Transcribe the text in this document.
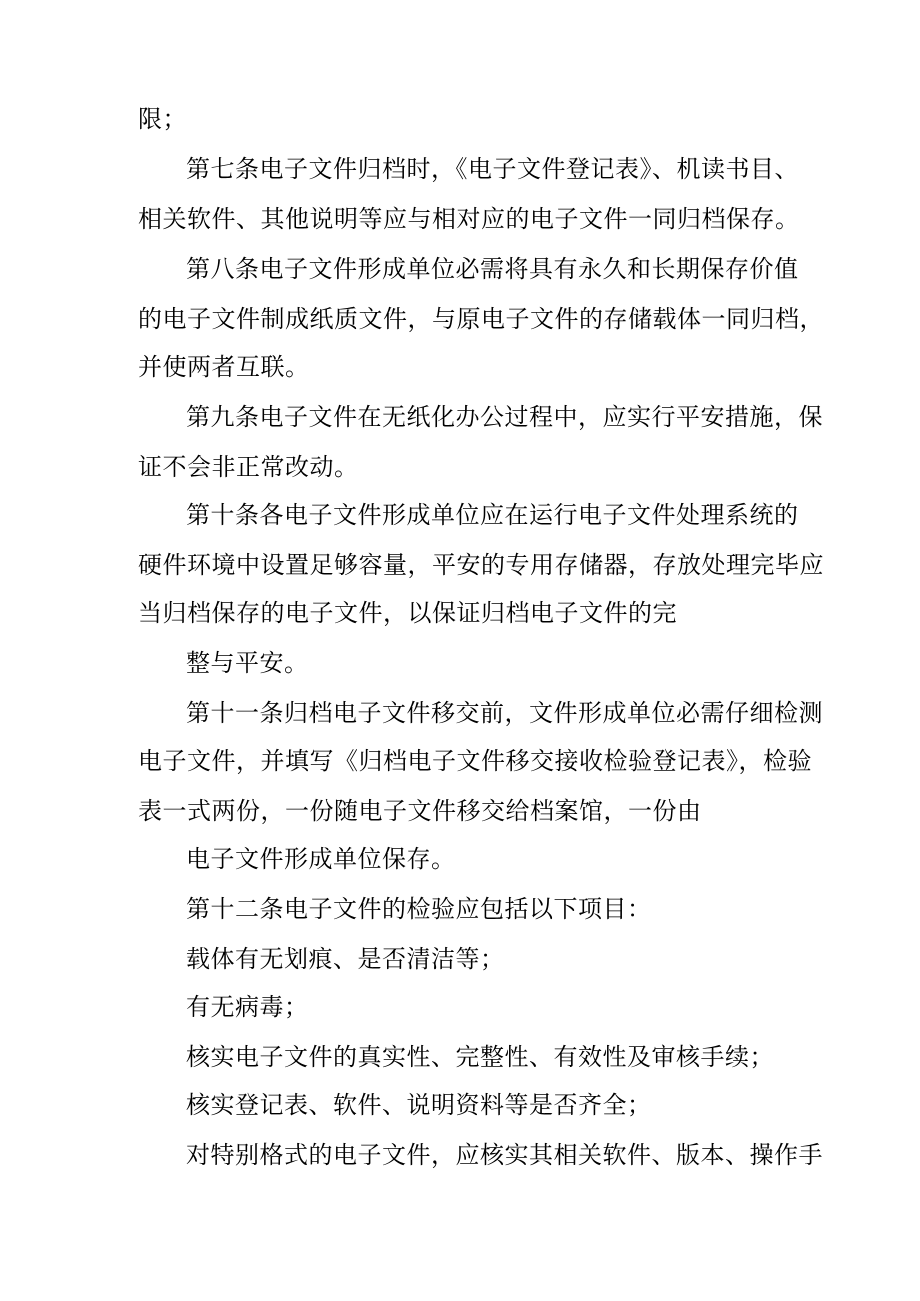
限；
第七条电子文件归档时，《电子文件登记表》、机读书目、
相关软件、其他说明等应与相对应的电子文件一同归档保存。
第八条电子文件形成单位必需将具有永久和长期保存价值
的电子文件制成纸质文件，与原电子文件的存储载体一同归档，
并使两者互联。
第九条电子文件在无纸化办公过程中，应实行平安措施，保
证不会非正常改动。
第十条各电子文件形成单位应在运行电子文件处理系统的
硬件环境中设置足够容量，平安的专用存储器，存放处理完毕应
当归档保存的电子文件，以保证归档电子文件的完
整与平安。
第十一条归档电子文件移交前，文件形成单位必需仔细检测
电子文件，并填写《归档电子文件移交接收检验登记表》，检验
表一式两份，一份随电子文件移交给档案馆，一份由
电子文件形成单位保存。
第十二条电子文件的检验应包括以下项目：
载体有无划痕、是否清洁等；
有无病毒；
核实电子文件的真实性、完整性、有效性及审核手续；
核实登记表、软件、说明资料等是否齐全；
对特别格式的电子文件，应核实其相关软件、版本、操作手
